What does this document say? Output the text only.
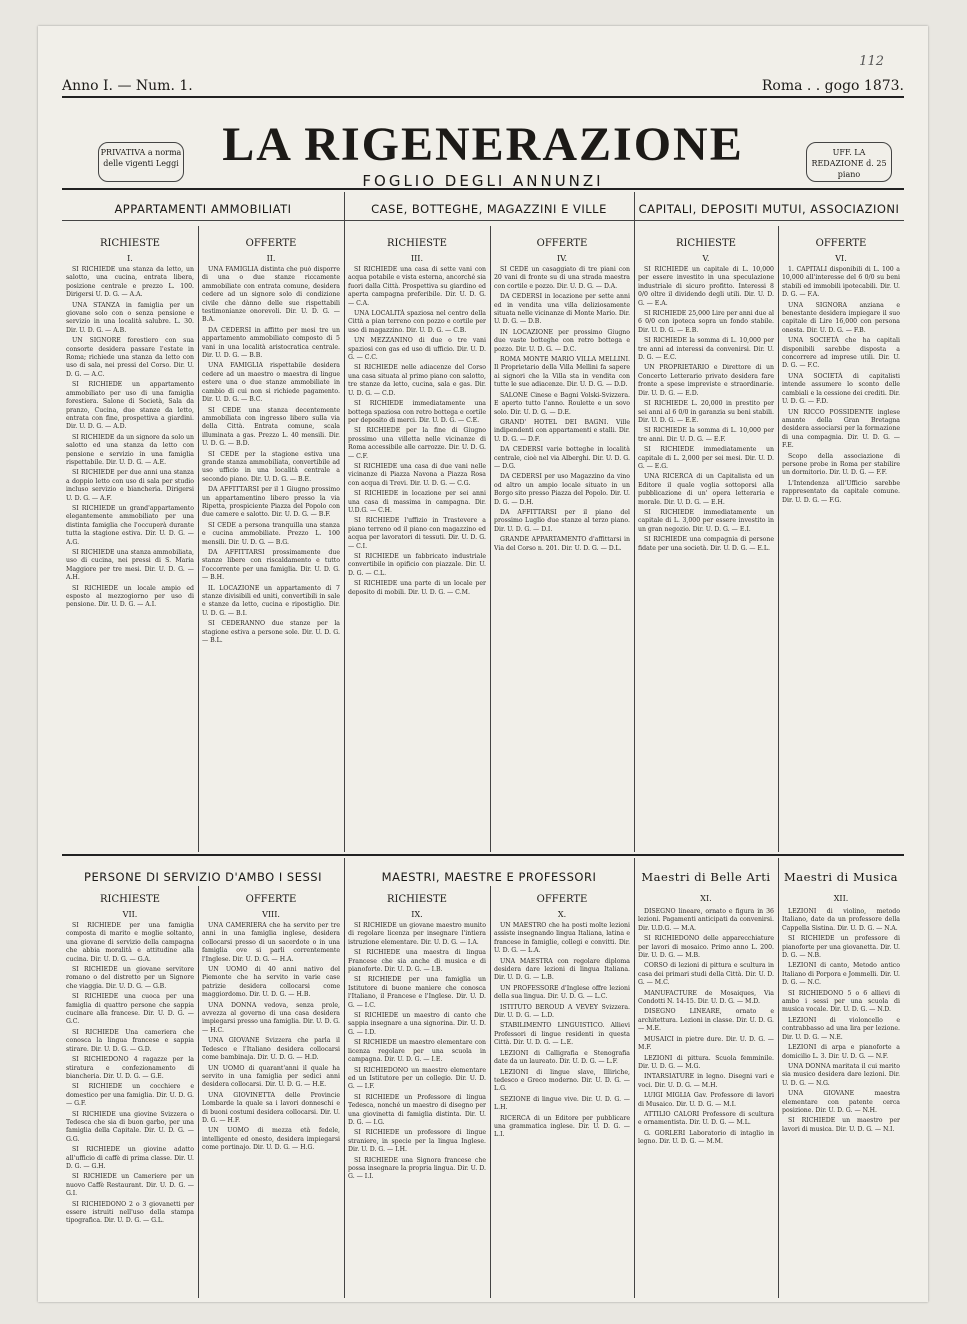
112
Anno I. — Num. 1.	Roma . . gogo 1873.
PRIVATIVA a norma delle vigenti Leggi
UFF. LA REDAZIONE d. 25 piano
LA RIGENERAZIONE
FOGLIO DEGLI ANNUNZI
APPARTAMENTI AMMOBILIATI	CASE, BOTTEGHE, MAGAZZINI E VILLE	CAPITALI, DEPOSITI MUTUI, ASSOCIAZIONI
RICHIESTE	OFFERTE	RICHIESTE	OFFERTE	RICHIESTE	OFFERTE
I.	II.	III.	IV.	V.	VI.

SI RICHIEDE una stanza da letto, un salotto, una cucina, entrata libera, posizione centrale e prezzo L. 100. Dirigersi U. D. G. — A.A.

UNA STANZA in famiglia per un giovane solo con o senza pensione e servizio in una località salubre. L. 30. Dir. U. D. G. — A.B.

UN SIGNORE forestiero con sua consorte desidera passare l'estate in Roma; richiede una stanza da letto con uso di sala, nei pressi del Corso. Dir. U. D. G. — A.C.

SI RICHIEDE un appartamento ammobiliato per uso di una famiglia forestiera. Salone di Società, Sala da pranzo, Cucina, due stanze da letto, entrata con fine, prospettiva a giardini. Dir. U. D. G. — A.D.

SI RICHIEDE da un signore da solo un salotto ed una stanza da letto con pensione e servizio in una famiglia rispettabile. Dir. U. D. G. — A.E.

SI RICHIEDE per due anni una stanza a doppio letto con uso di sala per studio incluso servizio e biancheria. Dirigersi U. D. G. — A.F.

SI RICHIEDE un grand'appartamento elegantemente ammobiliato per una distinta famiglia che l'occuperà durante tutta la stagione estiva. Dir. U. D. G. — A.G.

SI RICHIEDE una stanza ammobiliata, uso di cucina, nei pressi di S. Maria Maggiore per tre mesi. Dir. U. D. G. — A.H.

SI RICHIEDE un locale ampio ed esposto al mezzogiorno per uso di pensione. Dir. U. D. G. — A.I.

UNA FAMIGLIA distinta che può disporre di una o due stanze riccamente ammobiliate con entrata comune, desidera cedere ad un signore solo di condizione civile che dànno delle sue rispettabili testimonianze onorevoli. Dir. U. D. G. — B.A.

DA CEDERSI in affitto per mesi tre un appartamento ammobiliato composto di 5 vani in una località aristocratica centrale. Dir. U. D. G. — B.B.

UNA FAMIGLIA rispettabile desidera cedere ad un maestro o maestra di lingue estere una o due stanze ammobiliate in cambio di cui non si richiede pagamento. Dir. U. D. G. — B.C.

SI CEDE una stanza decentemente ammobiliata con ingresso libero sulla via della Città. Entrata comune, scala illuminata a gas. Prezzo L. 40 mensili. Dir. U. D. G. — B.D.

SI CEDE per la stagione estiva una grande stanza ammobiliata, convertibile ad uso ufficio in una località centrale a secondo piano. Dir. U. D. G. — B.E.

DA AFFITTARSI per il 1 Giugno prossimo un appartamentino libero presso la via Ripetta, prospiciente Piazza del Popolo con due camere e salotto. Dir. U. D. G. — B.F.

SI CEDE a persona tranquilla una stanza e cucina ammobiliate. Prezzo L. 100 mensili. Dir. U. D. G. — B.G.

DA AFFITTARSI prossimamente due stanze libere con riscaldamento e tutto l'occorrente per una famiglia. Dir. U. D. G. — B.H.

IL LOCAZIONE un appartamento di 7 stanze divisibili ed uniti, convertibili in sale e stanze da letto, cucina e ripostiglio. Dir. U. D. G. — B.I.

SI CEDERANNO due stanze per la stagione estiva a persone sole. Dir. U. D. G. — B.L.

SI RICHIEDE una casa di sette vani con acqua potabile e vista esterna, ancorché sia fuori dalla Città. Prospettiva su giardino ed aperta campagna preferibile. Dir. U. D. G. — C.A.

UNA LOCALITÀ spaziosa nel centro della Città a pian terreno con pozzo e cortile per uso di magazzino. Dir. U. D. G. — C.B.

UN MEZZANINO di due o tre vani spaziosi con gas ed uso di ufficio. Dir. U. D. G. — C.C.

SI RICHIEDE nelle adiacenze del Corso una casa situata al primo piano con salotto, tre stanze da letto, cucina, sala e gas. Dir. U. D. G. — C.D.

SI RICHIEDE immediatamente una bottega spaziosa con retro bottega e cortile per deposito di merci. Dir. U. D. G. — C.E.

SI RICHIEDE per la fine di Giugno prossimo una villetta nelle vicinanze di Roma accessibile alle carrozze. Dir. U. D. G. — C.F.

SI RICHIEDE una casa di due vani nelle vicinanze di Piazza Navona a Piazza Rosa con acqua di Trevi. Dir. U. D. G. — C.G.

SI RICHIEDE in locazione per sei anni una casa di massima in campagna. Dir. U.D.G. — C.H.

SI RICHIEDE l'uffizio in Trastevere a piano terreno od il piano con magazzino ed acqua per lavoratori di tessuti. Dir. U. D. G. — C.I.

SI RICHIEDE un fabbricato industriale convertibile in opificio con piazzale. Dir. U. D. G. — C.L.

SI RICHIEDE una parte di un locale per deposito di mobili. Dir. U. D. G. — C.M.

SI CEDE un casaggiato di tre piani con 20 vani di fronte su di una strada maestra con cortile e pozzo. Dir. U. D. G. — D.A.

DA CEDERSI in locazione per sette anni ed in vendita una villa deliziosamente situata nelle vicinanze di Monte Mario. Dir. U. D. G. — D.B.

IN LOCAZIONE per prossimo Giugno due vaste botteghe con retro bottega e pozzo. Dir. U. D. G. — D.C.

ROMA MONTE MARIO VILLA MELLINI. Il Proprietario della Villa Mellini fa sapere ai signori che la Villa sta in vendita con tutte le sue adiacenze. Dir. U. D. G. — D.D.

SALONE Cinese e Bagni Volski-Svizzera. E aperto tutto l'anno. Roulette e un sovo solo. Dir. U. D. G. — D.E.

GRAND' HOTEL DEI BAGNI. Ville indipendenti con appartamenti e stalli. Dir. U. D. G. — D.F.

DA CEDERSI varie botteghe in località centrale, cioè nel via Alberghi. Dir. U. D. G. — D.G.

DA CEDERSI per uso Magazzino da vino od altro un ampio locale situato in un Borgo sito presso Piazza del Popolo. Dir. U. D. G. — D.H.

DA AFFITTARSI per il piano del prossimo Luglio due stanze al terzo piano. Dir. U. D. G. — D.I.

GRANDE APPARTAMENTO d'affittarsi in Via del Corso n. 201. Dir. U. D. G. — D.L.

SI RICHIEDE un capitale di L. 10,000 per essere investito in una speculazione industriale di sicuro profitto. Interessi 8 0/0 oltre il dividendo degli utili. Dir. U. D. G. — E.A.

SI RICHIEDE 25,000 Lire per anni due al 6 0/0 con ipoteca sopra un fondo stabile. Dir. U. D. G. — E.B.

SI RICHIEDE la somma di L. 10,000 per tre anni ad interessi da convenirsi. Dir. U. D. G. — E.C.

UN PROPRIETARIO e Direttore di un Concerto Letterario privato desidera fare fronte a spese impreviste e straordinarie. Dir. U. D. G. — E.D.

SI RICHIEDE L. 20,000 in prestito per sei anni al 6 0/0 in garanzia su beni stabili. Dir. U. D. G. — E.E.

SI RICHIEDE la somma di L. 10,000 per tre anni. Dir. U. D. G. — E.F.

SI RICHIEDE immediatamente un capitale di L. 2,000 per sei mesi. Dir. U. D. G. — E.G.

UNA RICERCA di un Capitalista ed un Editore il quale voglia sottoporsi alla pubblicazione di un' opera letteraria e morale. Dir. U. D. G. — E.H.

SI RICHIEDE immediatamente un capitale di L. 3,000 per essere investito in un gran negozio. Dir. U. D. G. — E.I.

SI RICHIEDE una compagnia di persone fidate per una società. Dir. U. D. G. — E.L.

1. CAPITALI disponibili di L. 100 a 10,000 all'interesse del 6 0/0 su beni stabili ed immobili ipotecabili. Dir. U. D. G. — F.A.

UNA SIGNORA anziana e benestante desidera impiegare il suo capitale di Lire 16,000 con persona onesta. Dir. U. D. G. — F.B.

UNA SOCIETÀ che ha capitali disponibili sarebbe disposta a concorrere ad imprese utili. Dir. U. D. G. — F.C.

UNA SOCIETÀ di capitalisti intende assumere lo sconto delle cambiali e la cessione dei crediti. Dir. U. D. G. — F.D.

UN RICCO POSSIDENTE inglese amante della Gran Bretagna desidera associarsi per la formazione di una compagnia. Dir. U. D. G. — F.E.

Scopo della associazione di persone probe in Roma per stabilire un dormitorio. Dir. U. D. G. — F.F.

L'Intendenza all'Ufficio sarebbe rappresentato da capitale comune. Dir. U. D. G. — F.G.

PERSONE DI SERVIZIO D'AMBO I SESSI	MAESTRI, MAESTRE E PROFESSORI	Maestri di Belle Arti	Maestri di Musica
RICHIESTE	OFFERTE	RICHIESTE	OFFERTE
VII.	VIII.	IX.	X.
XI.	XII.

SI RICHIEDE per una famiglia composta di marito e moglie soltanto, una giovane di servizio della campagna che abbia moralità e attitudine alla cucina. Dir. U. D. G. — G.A.

SI RICHIEDE un giovane servitore romano o del distretto per un Signore che viaggia. Dir. U. D. G. — G.B.

SI RICHIEDE una cuoca per una famiglia di quattro persone che sappia cucinare alla francese. Dir. U. D. G. — G.C.

SI RICHIEDE Una cameriera che conosca la lingua francese e sappia stirare. Dir. U. D. G. — G.D.

SI RICHIEDONO 4 ragazze per la stiratura e confezionamento di biancheria. Dir. U. D. G. — G.E.

SI RICHIEDE un cocchiere e domestico per una famiglia. Dir. U. D. G. — G.F.

SI RICHIEDE una giovine Svizzera o Tedesca che sia di buon garbo, per una famiglia della Capitale. Dir. U. D. G. — G.G.

SI RICHIEDE un giovine adatto all'ufficio di caffè di prima classe. Dir. U. D. G. — G.H.

SI RICHIEDE un Cameriere per un nuovo Caffè Restaurant. Dir. U. D. G. — G.I.

SI RICHIEDONO 2 o 3 giovanetti per essere istruiti nell'uso della stampa tipografica. Dir. U. D. G. — G.L.

UNA CAMERIERA che ha servito per tre anni in una famiglia inglese, desidera collocarsi presso di un sacerdote o in una famiglia ove si parli correntemente l'Inglese. Dir. U. D. G. — H.A.

UN UOMO di 40 anni nativo del Piemonte che ha servito in varie case patrizie desidera collocarsi come maggiordomo. Dir. U. D. G. — H.B.

UNA DONNA vedova, senza prole, avvezza al governo di una casa desidera impiegarsi presso una famiglia. Dir. U. D. G. — H.C.

UNA GIOVANE Svizzera che parla il Tedesco e l'Italiano desidera collocarsi come bambinaja. Dir. U. D. G. — H.D.

UN UOMO di quarant'anni il quale ha servito in una famiglia per sedici anni desidera collocarsi. Dir. U. D. G. — H.E.

UNA GIOVINETTA delle Provincie Lombarde la quale sa i lavori donneschi e di buoni costumi desidera collocarsi. Dir. U. D. G. — H.F.

UN UOMO di mezza età fedele, intelligente ed onesto, desidera impiegarsi come portinajo. Dir. U. D. G. — H.G.

SI RICHIEDE un giovane maestro munito di regolare licenza per insegnare l'intiera istruzione elementare. Dir. U. D. G. — I.A.

SI RICHIEDE una maestra di lingua Francese che sia anche di musica e di pianoforte. Dir. U. D. G. — I.B.

SI RICHIEDE per una famiglia un Istitutore di buone maniere che conosca l'Italiano, il Francese e l'Inglese. Dir. U. D. G. — I.C.

SI RICHIEDE un maestro di canto che sappia insegnare a una signorina. Dir. U. D. G. — I.D.

SI RICHIEDE un maestro elementare con licenza regolare per una scuola in campagna. Dir. U. D. G. — I.E.

SI RICHIEDONO un maestro elementare ed un Istitutore per un collegio. Dir. U. D. G. — I.F.

SI RICHIEDE un Professore di lingua Tedesca, nonché un maestro di disegno per una giovinetta di famiglia distinta. Dir. U. D. G. — I.G.

SI RICHIEDE un professore di lingue straniere, in specie per la lingua Inglese. Dir. U. D. G. — I.H.

SI RICHIEDE una Signora francese che possa insegnare la propria lingua. Dir. U. D. G. — I.I.

UN MAESTRO che ha posti molte lezioni assiste insegnando lingua Italiana, latina e francese in famiglie, collegi e convitti. Dir. U. D. G. — L.A.

UNA MAESTRA con regolare diploma desidera dare lezioni di lingua Italiana. Dir. U. D. G. — L.B.

UN PROFESSORE d'Inglese offre lezioni della sua lingua. Dir. U. D. G. — L.C.

ISTITUTO BEROUD A VEVEY Svizzera. Dir. U. D. G. — L.D.

STABILIMENTO LINGUISTICO. Allievi Professori di lingue residenti in questa Città. Dir. U. D. G. — L.E.

LEZIONI di Calligrafia e Stenografia date da un laureato. Dir. U. D. G. — L.F.

LEZIONI di lingue slave, Illiriche, tedesco e Greco moderno. Dir. U. D. G. — L.G.

SEZIONE di lingue vive. Dir. U. D. G. — L.H.

RICERCA di un Editore per pubblicare una grammatica inglese. Dir. U. D. G. — L.I.

DISEGNO lineare, ornato e figura in 36 lezioni. Pagamenti anticipati da convenirsi. Dir. U.D.G. — M.A.

SI RICHIEDONO delle apparecchiature per lavori di mosaico. Primo anno L. 200. Dir. U. D. G. — M.B.

CORSO di lezioni di pittura e scultura in casa dei primari studi della Città. Dir. U. D. G. — M.C.

MANUFACTURE de Mosaiques, Via Condotti N. 14-15. Dir. U. D. G. — M.D.

DISEGNO LINEARE, ornato e architettura. Lezioni in classe. Dir. U. D. G. — M.E.

MUSAICI in pietre dure. Dir. U. D. G. — M.F.

LEZIONI di pittura. Scuola femminile. Dir. U. D. G. — M.G.

INTARSIATURE in legno. Disegni vari e voci. Dir. U. D. G. — M.H.

LUIGI MIGLIA Gav. Professore di lavori di Musaico. Dir. U. D. G. — M.I.

ATTILIO CALORI Professore di scultura e ornamentista. Dir. U. D. G. — M.L.

G. GORLERI Laboratorio di intaglio in legno. Dir. U. D. G. — M.M.

LEZIONI di violino, metodo Italiano, date da un professore della Cappella Sistina. Dir. U. D. G. — N.A.

SI RICHIEDE un professore di pianoforte per una giovanetta. Dir. U. D. G. — N.B.

LEZIONI di canto, Metodo antico Italiano di Porpora e Jommelli. Dir. U. D. G. — N.C.

SI RICHIEDONO 5 o 6 allievi di ambo i sessi per una scuola di musica vocale. Dir. U. D. G. — N.D.

LEZIONI di violoncello e contrabbasso ad una lira per lezione. Dir. U. D. G. — N.E.

LEZIONI di arpa e pianoforte a domicilio L. 3. Dir. U. D. G. — N.F.

UNA DONNA maritata il cui marito sia musico desidera dare lezioni. Dir. U. D. G. — N.G.

UNA GIOVANE maestra elementare con patente cerca posizione. Dir. U. D. G. — N.H.

SI RICHIEDE un maestro per lavori di musica. Dir. U. D. G. — N.I.
